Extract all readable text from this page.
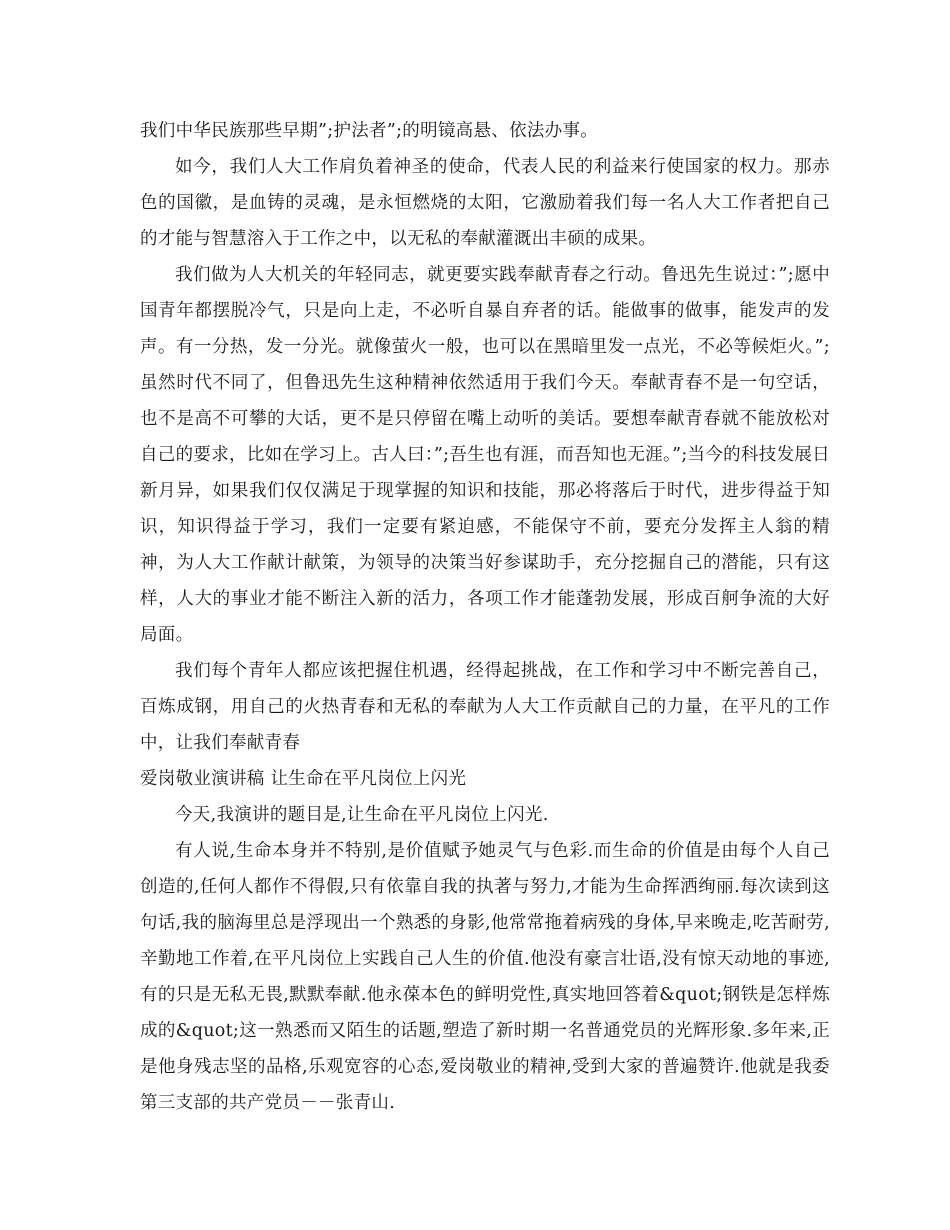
我们中华民族那些早期”;护法者”;的明镜高悬、依法办事。

如今，我们人大工作肩负着神圣的使命，代表人民的利益来行使国家的权力。那赤色的国徽，是血铸的灵魂，是永恒燃烧的太阳，它激励着我们每一名人大工作者把自己的才能与智慧溶入于工作之中，以无私的奉献灌溉出丰硕的成果。

我们做为人大机关的年轻同志，就更要实践奉献青春之行动。鲁迅先生说过：”;愿中国青年都摆脱冷气，只是向上走，不必听自暴自弃者的话。能做事的做事，能发声的发声。有一分热，发一分光。就像萤火一般，也可以在黑暗里发一点光，不必等候炬火。”;虽然时代不同了，但鲁迅先生这种精神依然适用于我们今天。奉献青春不是一句空话，也不是高不可攀的大话，更不是只停留在嘴上动听的美话。要想奉献青春就不能放松对自己的要求，比如在学习上。古人曰：”;吾生也有涯，而吾知也无涯。”;当今的科技发展日新月异，如果我们仅仅满足于现掌握的知识和技能，那必将落后于时代，进步得益于知识，知识得益于学习，我们一定要有紧迫感，不能保守不前，要充分发挥主人翁的精神，为人大工作献计献策，为领导的决策当好参谋助手，充分挖掘自己的潜能，只有这样，人大的事业才能不断注入新的活力，各项工作才能蓬勃发展，形成百舸争流的大好局面。

我们每个青年人都应该把握住机遇，经得起挑战，在工作和学习中不断完善自己，百炼成钢，用自己的火热青春和无私的奉献为人大工作贡献自己的力量，在平凡的工作中，让我们奉献青春

爱岗敬业演讲稿 让生命在平凡岗位上闪光

今天,我演讲的题目是,让生命在平凡岗位上闪光.

有人说,生命本身并不特别,是价值赋予她灵气与色彩.而生命的价值是由每个人自己创造的,任何人都作不得假,只有依靠自我的执著与努力,才能为生命挥洒绚丽.每次读到这句话,我的脑海里总是浮现出一个熟悉的身影,他常常拖着病残的身体,早来晚走,吃苦耐劳,辛勤地工作着,在平凡岗位上实践自己人生的价值.他没有豪言壮语,没有惊天动地的事迹,有的只是无私无畏,默默奉献.他永葆本色的鲜明党性,真实地回答着&quot;钢铁是怎样炼成的&quot;这一熟悉而又陌生的话题,塑造了新时期一名普通党员的光辉形象.多年来,正是他身残志坚的品格,乐观宽容的心态,爱岗敬业的精神,受到大家的普遍赞许.他就是我委第三支部的共产党员－－张青山.
